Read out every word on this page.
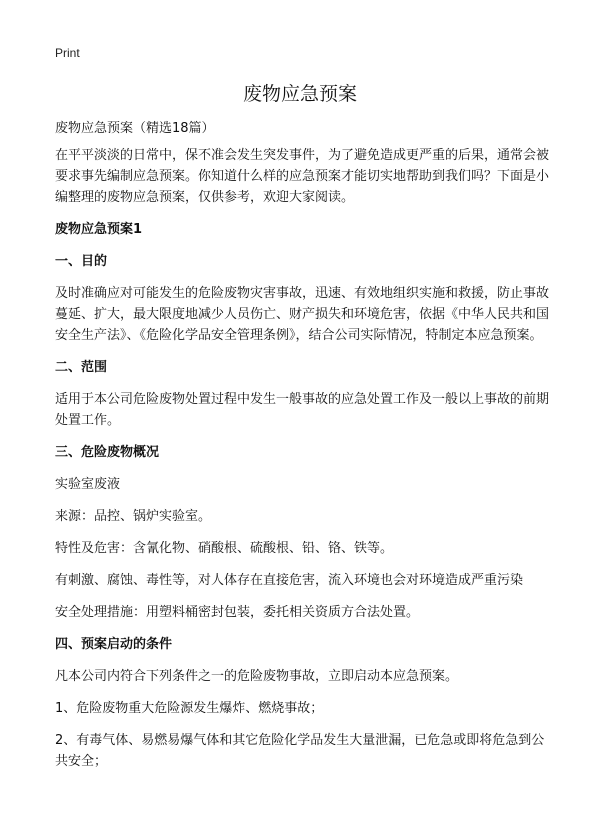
Print
废物应急预案

废物应急预案（精选18篇）

在平平淡淡的日常中，保不准会发生突发事件，为了避免造成更严重的后果，通常会被要求事先编制应急预案。你知道什么样的应急预案才能切实地帮助到我们吗？下面是小编整理的废物应急预案，仅供参考，欢迎大家阅读。

废物应急预案1
一、目的

及时准确应对可能发生的危险废物灾害事故，迅速、有效地组织实施和救援，防止事故蔓延、扩大，最大限度地减少人员伤亡、财产损失和环境危害，依据《中华人民共和国安全生产法》、《危险化学品安全管理条例》，结合公司实际情况，特制定本应急预案。

二、范围

适用于本公司危险废物处置过程中发生一般事故的应急处置工作及一般以上事故的前期处置工作。

三、危险废物概况

实验室废液

来源：品控、锅炉实验室。

特性及危害：含氰化物、硝酸根、硫酸根、铅、铬、铁等。

有刺激、腐蚀、毒性等，对人体存在直接危害，流入环境也会对环境造成严重污染

安全处理措施：用塑料桶密封包装，委托相关资质方合法处置。

四、预案启动的条件

凡本公司内符合下列条件之一的危险废物事故，立即启动本应急预案。

1、危险废物重大危险源发生爆炸、燃烧事故；

2、有毒气体、易燃易爆气体和其它危险化学品发生大量泄漏，已危急或即将危急到公共安全；
